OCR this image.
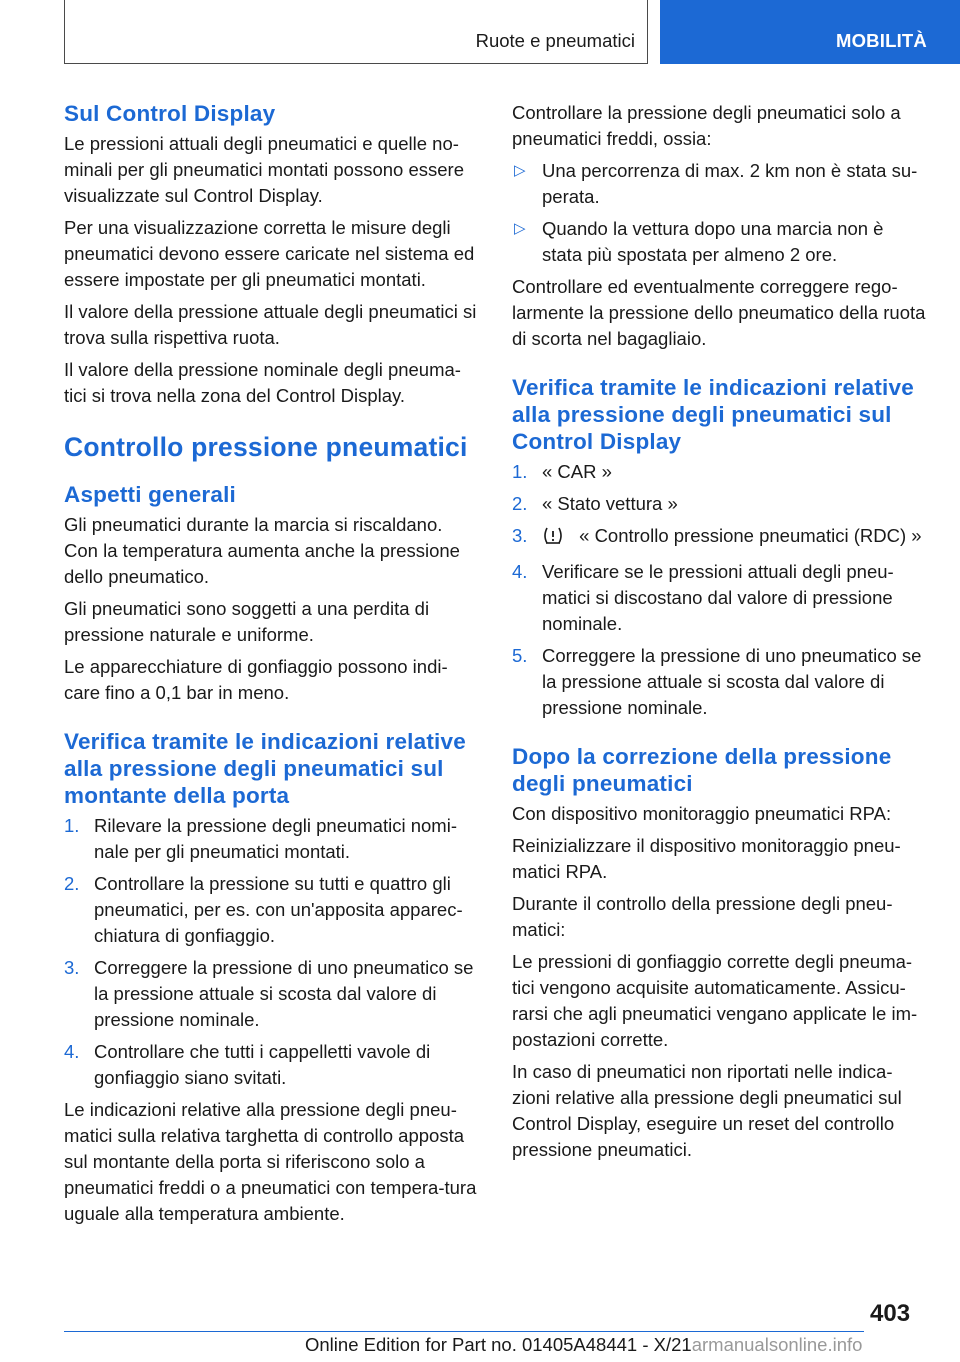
Ruote e pneumatici	MOBILITÀ
Sul Control Display
Le pressioni attuali degli pneumatici e quelle no‐minali per gli pneumatici montati possono essere visualizzate sul Control Display.
Per una visualizzazione corretta le misure degli pneumatici devono essere caricate nel sistema ed essere impostate per gli pneumatici montati.
Il valore della pressione attuale degli pneumatici si trova sulla rispettiva ruota.
Il valore della pressione nominale degli pneuma‐tici si trova nella zona del Control Display.
Controllo pressione pneumatici
Aspetti generali
Gli pneumatici durante la marcia si riscaldano. Con la temperatura aumenta anche la pressione dello pneumatico.
Gli pneumatici sono soggetti a una perdita di pressione naturale e uniforme.
Le apparecchiature di gonfiaggio possono indi‐care fino a 0,1 bar in meno.
Verifica tramite le indicazioni relative alla pressione degli pneumatici sul montante della porta
1. Rilevare la pressione degli pneumatici nomi‐nale per gli pneumatici montati.
2. Controllare la pressione su tutti e quattro gli pneumatici, per es. con un'apposita apparec‐chiatura di gonfiaggio.
3. Correggere la pressione di uno pneumatico se la pressione attuale si scosta dal valore di pressione nominale.
4. Controllare che tutti i cappelletti vavole di gonfiaggio siano svitati.
Le indicazioni relative alla pressione degli pneu‐matici sulla relativa targhetta di controllo apposta sul montante della porta si riferiscono solo a pneumatici freddi o a pneumatici con tempera‐tura uguale alla temperatura ambiente.
Controllare la pressione degli pneumatici solo a pneumatici freddi, ossia:
▷ Una percorrenza di max. 2 km non è stata su‐perata.
▷ Quando la vettura dopo una marcia non è stata più spostata per almeno 2 ore.
Controllare ed eventualmente correggere rego‐larmente la pressione dello pneumatico della ruota di scorta nel bagagliaio.
Verifica tramite le indicazioni relative alla pressione degli pneumatici sul Control Display
1. « CAR »
2. « Stato vettura »
3.	« Controllo pressione pneumatici (RDC) »
4. Verificare se le pressioni attuali degli pneu‐matici si discostano dal valore di pressione nominale.
5. Correggere la pressione di uno pneumatico se la pressione attuale si scosta dal valore di pressione nominale.
Dopo la correzione della pressione degli pneumatici
Con dispositivo monitoraggio pneumatici RPA:
Reinizializzare il dispositivo monitoraggio pneu‐matici RPA.
Durante il controllo della pressione degli pneu‐matici:
Le pressioni di gonfiaggio corrette degli pneuma‐tici vengono acquisite automaticamente. Assicu‐rarsi che agli pneumatici vengano applicate le im‐postazioni corrette.
In caso di pneumatici non riportati nelle indica‐zioni relative alla pressione degli pneumatici sul Control Display, eseguire un reset del controllo pressione pneumatici.
403
Online Edition for Part no. 01405A48441 - X/21armanualsonline.info
